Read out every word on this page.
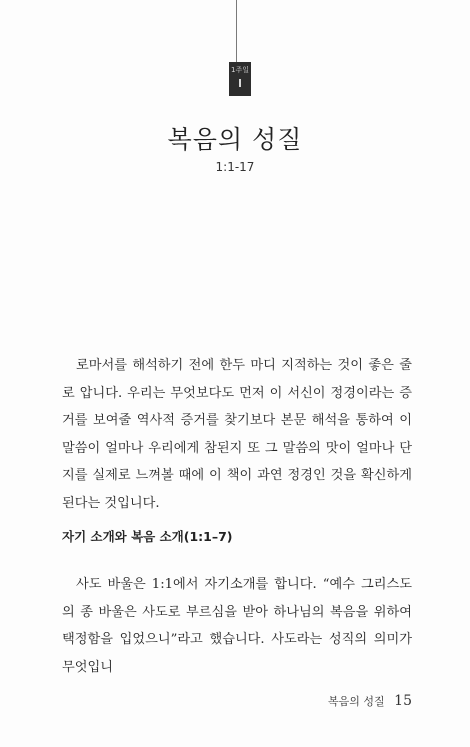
1주일
복음의 성질
1:1-17

로마서를 해석하기 전에 한두 마디 지적하는 것이 좋은 줄로 압니다. 우리는 무엇보다도 먼저 이 서신이 정경이라는 증거를 보여줄 역사적 증거를 찾기보다 본문 해석을 통하여 이 말씀이 얼마나 우리에게 참된지 또 그 말씀의 맛이 얼마나 단지를 실제로 느껴볼 때에 이 책이 과연 정경인 것을 확신하게 된다는 것입니다.

자기 소개와 복음 소개(1:1–7)

사도 바울은 1:1에서 자기소개를 합니다. “예수 그리스도의 종 바울은 사도로 부르심을 받아 하나님의 복음을 위하여 택정함을 입었으니”라고 했습니다. 사도라는 성직의 의미가 무엇입니

복음의 성질 15
